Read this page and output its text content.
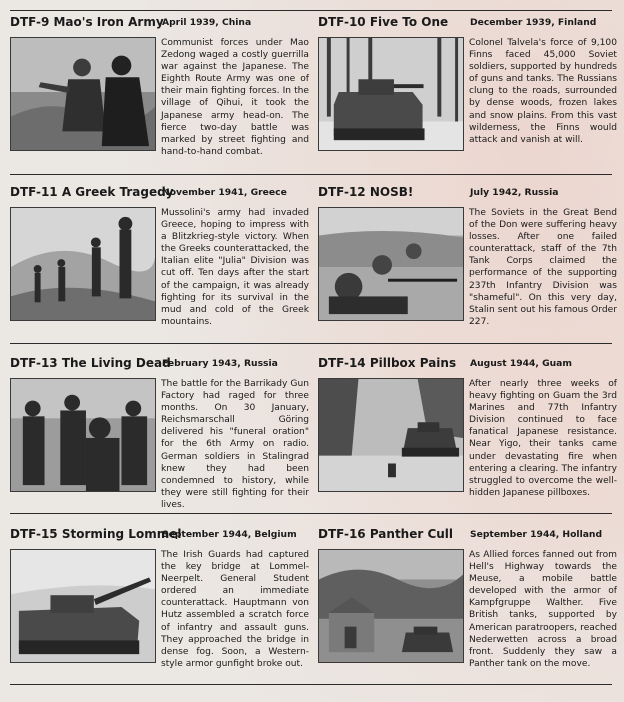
DTF-9 Mao's Iron Army
April 1939, China

Communist forces under Mao Zedong waged a costly guerrilla war against the Japanese. The Eighth Route Army was one of their main fighting forces. In the village of Qihui, it took the Japanese army head-on. The fierce two-day battle was marked by street fighting and hand-to-hand combat.

DTF-10 Five To One December 1939, Finland

Colonel Talvela's force of 9,100 Finns faced 45,000 Soviet soldiers, supported by hundreds of guns and tanks. The Russians clung to the roads, surrounded by dense woods, frozen lakes and snow plains. From this vast wilderness, the Finns would attack and vanish at will.

DTF-11 A Greek Tragedy
November 1941, Greece

Mussolini's army had invaded Greece, hoping to impress with a Blitzkrieg-style victory. When the Greeks counterattacked, the Italian elite "Julia" Division was cut off. Ten days after the start of the campaign, it was already fighting for its survival in the mud and cold of the Greek mountains.

DTF-12 NOSB!	July 1942, Russia

The Soviets in the Great Bend of the Don were suffering heavy losses. After one failed counterattack, staff of the 7th Tank Corps claimed the performance of the supporting 237th Infantry Division was "shameful". On this very day, Stalin sent out his famous Order 227.

DTF-13 The Living Dead
February 1943, Russia

The battle for the Barrikady Gun Factory had raged for three months. On 30 January, Reichsmarschall Göring delivered his "funeral oration" for the 6th Army on radio. German soldiers in Stalingrad knew they had been condemned to history, while they were still fighting for their lives.

DTF-14 Pillbox Pains August 1944, Guam

After nearly three weeks of heavy fighting on Guam the 3rd Marines and 77th Infantry Division continued to face fanatical Japanese resistance. Near Yigo, their tanks came under devastating fire when entering a clearing. The infantry struggled to overcome the well-hidden Japanese pillboxes.

DTF-15 Storming Lommel
September 1944, Belgium

The Irish Guards had captured the key bridge at Lommel-Neerpelt. General Student ordered an immediate counterattack. Hauptmann von Hutz assembled a scratch force of infantry and assault guns. They approached the bridge in dense fog. Soon, a Western-style armor gunfight broke out.

DTF-16 Panther Cull September 1944, Holland

As Allied forces fanned out from Hell's Highway towards the Meuse, a mobile battle developed with the armor of Kampfgruppe Walther. Five British tanks, supported by American paratroopers, reached Nederwetten across a broad front. Suddenly they saw a Panther tank on the move.
